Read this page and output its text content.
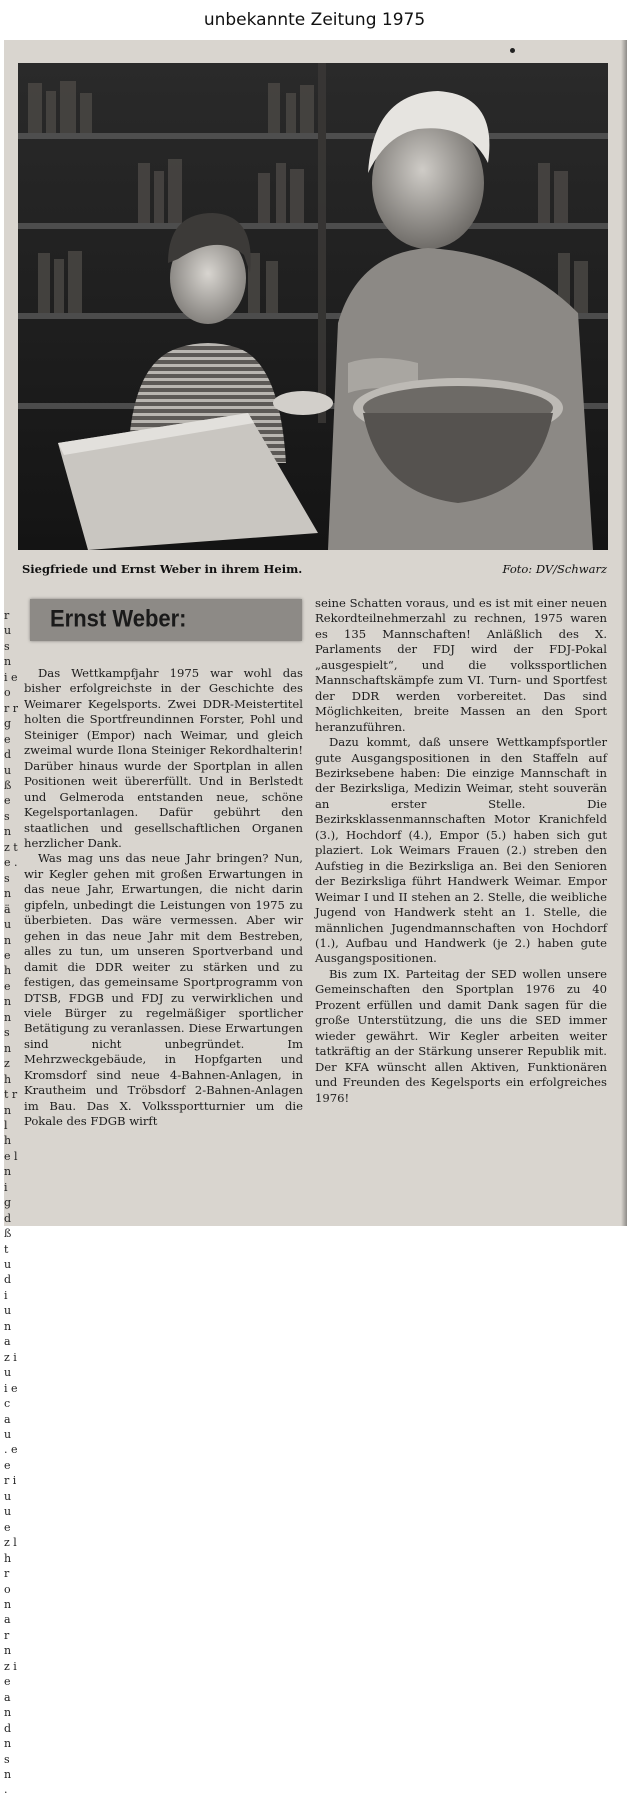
unbekannte Zeitung 1975
Siegfriede und Ernst Weber in ihrem Heim.	Foto: DV/Schwarz
Ernst Weber:

Das Wettkampfjahr 1975 war wohl das bisher erfolgreichste in der Geschichte des Weimarer Kegelsports. Zwei DDR-Meistertitel holten die Sportfreundinnen Forster, Pohl und Steiniger (Empor) nach Weimar, und gleich zweimal wurde Ilona Steiniger Rekordhalterin! Darüber hinaus wurde der Sportplan in allen Positionen weit übererfüllt. Und in Berlstedt und Gelmeroda entstanden neue, schöne Kegelsportanlagen. Dafür gebührt den staatlichen und gesellschaftlichen Organen herzlicher Dank.

Was mag uns das neue Jahr bringen? Nun, wir Kegler gehen mit großen Erwartungen in das neue Jahr, Erwartungen, die nicht darin gipfeln, unbedingt die Leistungen von 1975 zu überbieten. Das wäre vermessen. Aber wir gehen in das neue Jahr mit dem Bestreben, alles zu tun, um unseren Sportverband und damit die DDR weiter zu stärken und zu festigen, das gemeinsame Sportprogramm von DTSB, FDGB und FDJ zu verwirklichen und viele Bürger zu regelmäßiger sportlicher Betätigung zu veranlassen. Diese Erwartungen sind nicht unbegründet. Im Mehrzweckgebäude, in Hopfgarten und Kromsdorf sind neue 4-Bahnen-Anlagen, in Krautheim und Tröbsdorf 2-Bahnen-Anlagen im Bau. Das X. Volkssportturnier um die Pokale des FDGB wirft

seine Schatten voraus, und es ist mit einer neuen Rekordteilnehmerzahl zu rechnen, 1975 waren es 135 Mannschaften! Anläßlich des X. Parlaments der FDJ wird der FDJ-Pokal „ausgespielt“, und die volkssportlichen Mannschaftskämpfe zum VI. Turn- und Sportfest der DDR werden vorbereitet. Das sind Möglichkeiten, breite Massen an den Sport heranzuführen.

Dazu kommt, daß unsere Wettkampfsportler gute Ausgangspositionen in den Staffeln auf Bezirksebene haben: Die einzige Mannschaft in der Bezirksliga, Medizin Weimar, steht souverän an erster Stelle. Die Bezirksklassenmannschaften Motor Kranichfeld (3.), Hochdorf (4.), Empor (5.) haben sich gut plaziert. Lok Weimars Frauen (2.) streben den Aufstieg in die Bezirksliga an. Bei den Senioren der Bezirksliga führt Handwerk Weimar. Empor Weimar I und II stehen an 2. Stelle, die weibliche Jugend von Handwerk steht an 1. Stelle, die männlichen Jugendmannschaften von Hochdorf (1.), Aufbau und Handwerk (je 2.) haben gute Ausgangspositionen.

Bis zum IX. Parteitag der SED wollen unsere Gemeinschaften den Sportplan 1976 zu 40 Prozent erfüllen und damit Dank sagen für die große Unterstützung, die uns die SED immer wieder gewährt. Wir Kegler arbeiten weiter tatkräftig an der Stärkung unserer Republik mit. Der KFA wünscht allen Aktiven, Funktionären und Freunden des Kegelsports ein erfolgreiches 1976!

r u s n i e o r r g e d u ß e s n z t e . s n ä u n e h e n n s n z h t r n l h e l n i g d ß t u d i u n a z i u i e c a u . e e r i u u e z l h r o n a r n z i e a n d n s n .
